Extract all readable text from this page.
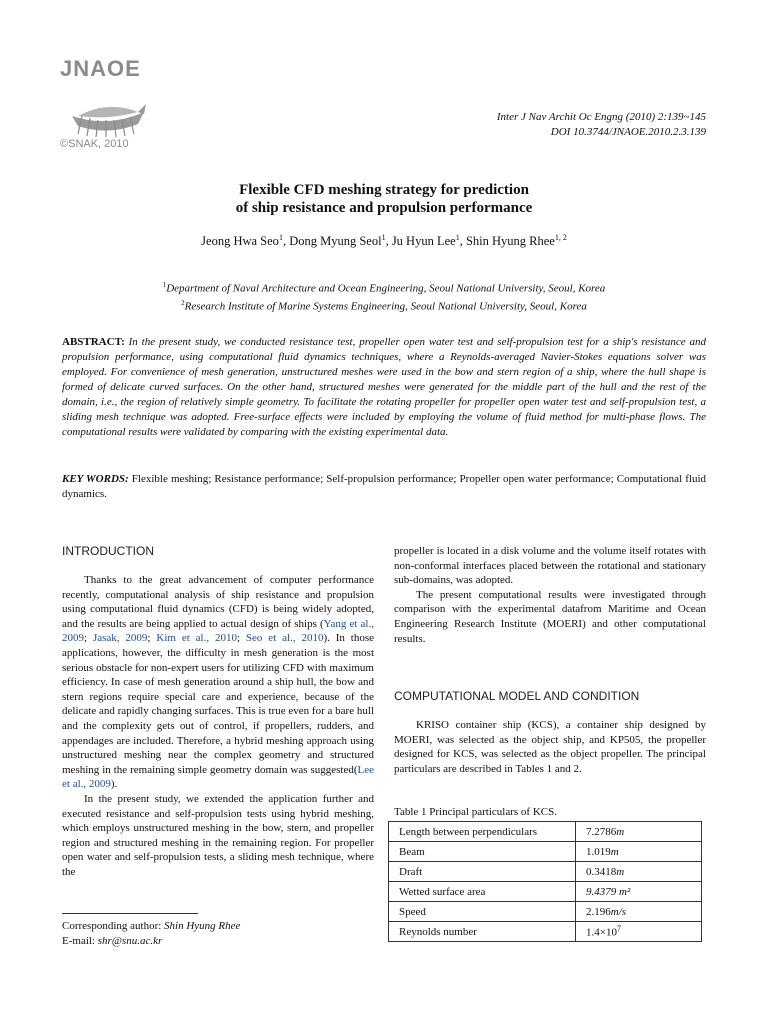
JNAOE
©SNAK, 2010
Inter J Nav Archit Oc Engng (2010) 2:139~145
DOI 10.3744/JNAOE.2010.2.3.139
Flexible CFD meshing strategy for prediction
of ship resistance and propulsion performance
Jeong Hwa Seo$^1$, Dong Myung Seol$^1$, Ju Hyun Lee$^1$, Shin Hyung Rhee$^{1, 2}$
$^1$Department of Naval Architecture and Ocean Engineering, Seoul National University, Seoul, Korea
$^2$Research Institute of Marine Systems Engineering, Seoul National University, Seoul, Korea
ABSTRACT: In the present study, we conducted resistance test, propeller open water test and self-propulsion test for a ship's resistance and propulsion performance, using computational fluid dynamics techniques, where a Reynolds-averaged Navier-Stokes equations solver was employed. For convenience of mesh generation, unstructured meshes were used in the bow and stern region of a ship, where the hull shape is formed of delicate curved surfaces. On the other hand, structured meshes were generated for the middle part of the hull and the rest of the domain, i.e., the region of relatively simple geometry. To facilitate the rotating propeller for propeller open water test and self-propulsion test, a sliding mesh technique was adopted. Free-surface effects were included by employing the volume of fluid method for multi-phase flows. The computational results were validated by comparing with the existing experimental data.
KEY WORDS: Flexible meshing; Resistance performance; Self-propulsion performance; Propeller open water performance; Computational fluid dynamics.
INTRODUCTION

Thanks to the great advancement of computer performance recently, computational analysis of ship resistance and propulsion using computational fluid dynamics (CFD) is being widely adopted, and the results are being applied to actual design of ships (Yang et al., 2009; Jasak, 2009; Kim et al., 2010; Seo et al., 2010). In those applications, however, the difficulty in mesh generation is the most serious obstacle for non-expert users for utilizing CFD with maximum efficiency. In case of mesh generation around a ship hull, the bow and stern regions require special care and experience, because of the delicate and rapidly changing surfaces. This is true even for a bare hull and the complexity gets out of control, if propellers, rudders, and appendages are included. Therefore, a hybrid meshing approach using unstructured meshing near the complex geometry and structured meshing in the remaining simple geometry domain was suggested(Lee et al., 2009).

In the present study, we extended the application further and executed resistance and self-propulsion tests using hybrid meshing, which employs unstructured meshing in the bow, stern, and propeller region and structured meshing in the remaining region. For propeller open water and self-propulsion tests, a sliding mesh technique, where the

propeller is located in a disk volume and the volume itself rotates with non-conformal interfaces placed between the rotational and stationary sub-domains, was adopted.

The present computational results were investigated through comparison with the experimental datafrom Maritime and Ocean Engineering Research Institute (MOERI) and other computational results.

COMPUTATIONAL MODEL AND CONDITION

KRISO container ship (KCS), a container ship designed by MOERI, was selected as the object ship, and KP505, the propeller designed for KCS, was selected as the object propeller. The principal particulars are described in Tables 1 and 2.

Table 1 Principal particulars of KCS.
Length between perpendiculars	7.2786m
Beam	1.019m
Draft	0.3418m
Wetted surface area	9.4379 m²
Speed	2.196m/s
Reynolds number	$1.4\times 10^7$
Corresponding author: Shin Hyung Rhee
E-mail: shr@snu.ac.kr
